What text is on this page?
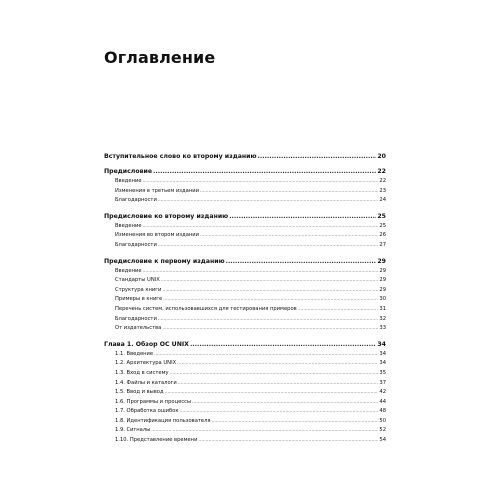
Оглавление
Вступительное слово ко второму изданию .....	20
Предисловие .....	22
Введение .....	22
Изменения в третьем издании .....	23
Благодарности .....	24
Предисловие ко второму изданию .....	25
Введение .....	25
Изменения во втором издании .....	26
Благодарности .....	27
Предисловие к первому изданию .....	29
Введение .....	29
Стандарты UNIX .....	29
Структура книги .....	29
Примеры в книге .....	30
Перечень систем, использовавшихся для тестирования примеров .....	31
Благодарности .....	32
От издательства .....	33
Глава 1. Обзор ОС UNIX .....	34
1.1. Введение .....	34
1.2. Архитектура UNIX .....	34
1.3. Вход в систему .....	35
1.4. Файлы и каталоги .....	37
1.5. Ввод и вывод .....	42
1.6. Программы и процессы .....	44
1.7. Обработка ошибок .....	48
1.8. Идентификация пользователя .....	50
1.9. Сигналы .....	52
1.10. Представление времени .....	54
